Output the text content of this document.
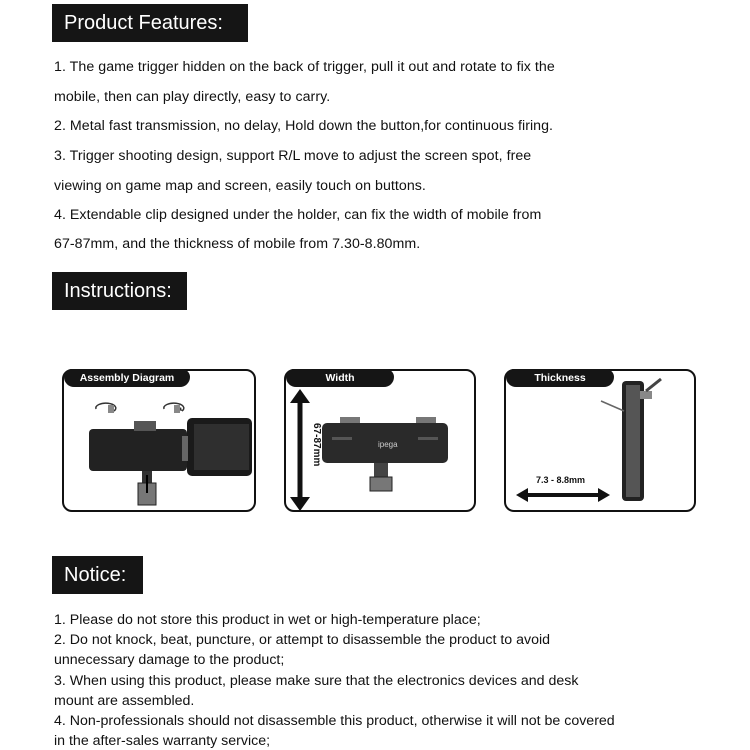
Product Features:
1. The game trigger hidden on the back of trigger, pull it out and rotate to fix the
mobile, then can play directly, easy to carry.
2. Metal fast transmission, no delay, Hold down the button,for continuous firing.
3. Trigger shooting design, support R/L move to adjust the screen spot, free
viewing on game map and screen, easily touch on buttons.
4. Extendable clip designed under the holder, can fix the width of mobile from
67-87mm, and the thickness of mobile from 7.30-8.80mm.
Instructions:
Assembly Diagram	Width
67-87mm	ipega
Thickness
7.3 - 8.8mm
Notice:
1. Please do not store this product in wet or high-temperature place;
2. Do not knock, beat, puncture, or attempt to disassemble the product to avoid
unnecessary damage to the product;
3. When using this product, please make sure that the electronics devices and desk
mount are assembled.
4. Non-professionals should not disassemble this product, otherwise it will not be covered
in the after-sales warranty service;
